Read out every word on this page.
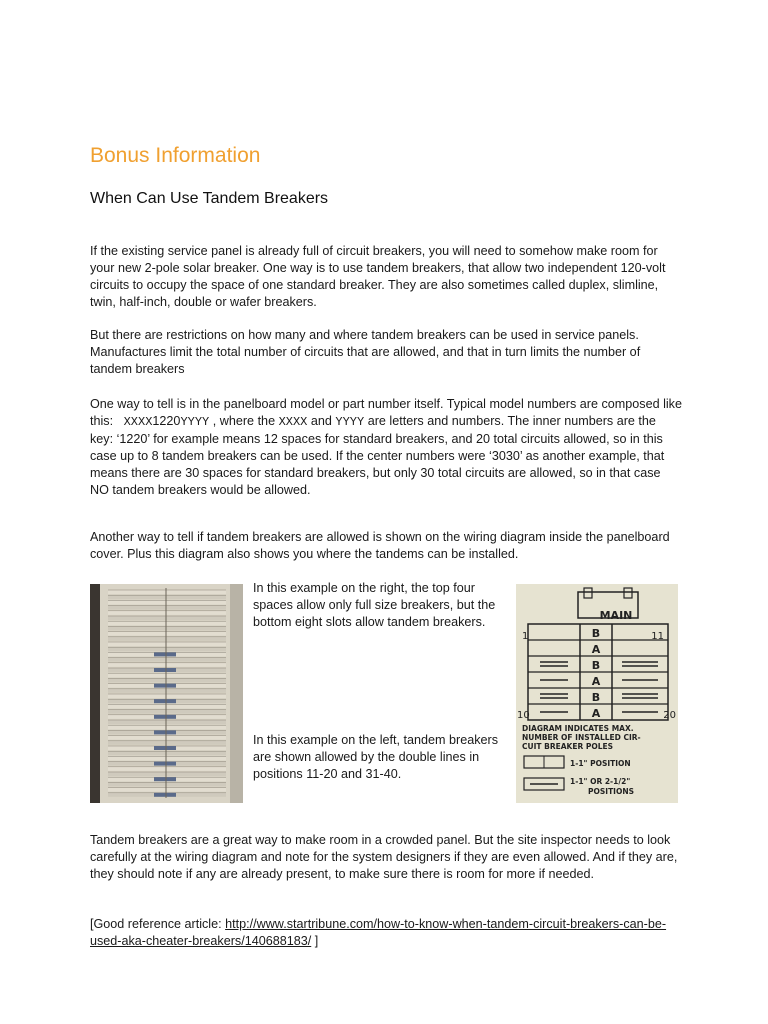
Bonus Information
When Can Use Tandem Breakers

If the existing service panel is already full of circuit breakers, you will need to somehow make room for your new 2-pole solar breaker. One way is to use tandem breakers, that allow two independent 120-volt circuits to occupy the space of one standard breaker. They are also sometimes called duplex, slimline, twin, half-inch, double or wafer breakers.

But there are restrictions on how many and where tandem breakers can be used in service panels. Manufactures limit the total number of circuits that are allowed, and that in turn limits the number of tandem breakers

One way to tell is in the panelboard model or part number itself. Typical model numbers are composed like this: XXXX1220YYYY , where the XXXX and YYYY are letters and numbers. The inner numbers are the key: ‘1220’ for example means 12 spaces for standard breakers, and 20 total circuits allowed, so in this case up to 8 tandem breakers can be used. If the center numbers were ‘3030’ as another example, that means there are 30 spaces for standard breakers, but only 30 total circuits are allowed, so in that case NO tandem breakers would be allowed.

Another way to tell if tandem breakers are allowed is shown on the wiring diagram inside the panelboard cover. Plus this diagram also shows you where the tandems can be installed.

In this example on the right, the top four spaces allow only full size breakers, but the bottom eight slots allow tandem breakers.

In this example on the left, tandem breakers are shown allowed by the double lines in positions 11-20 and 31-40.

MAIN
B
A
B
A
B
A
1	11
10	20
DIAGRAM INDICATES MAX.
NUMBER OF INSTALLED CIR-
CUIT BREAKER POLES
1-1" POSITION
1-1" OR 2-1/2"
POSITIONS

Tandem breakers are a great way to make room in a crowded panel. But the site inspector needs to look carefully at the wiring diagram and note for the system designers if they are even allowed. And if they are, they should note if any are already present, to make sure there is room for more if needed.

[Good reference article: http://www.startribune.com/how-to-know-when-tandem-circuit-breakers-can-be-used-aka-cheater-breakers/140688183/ ]
